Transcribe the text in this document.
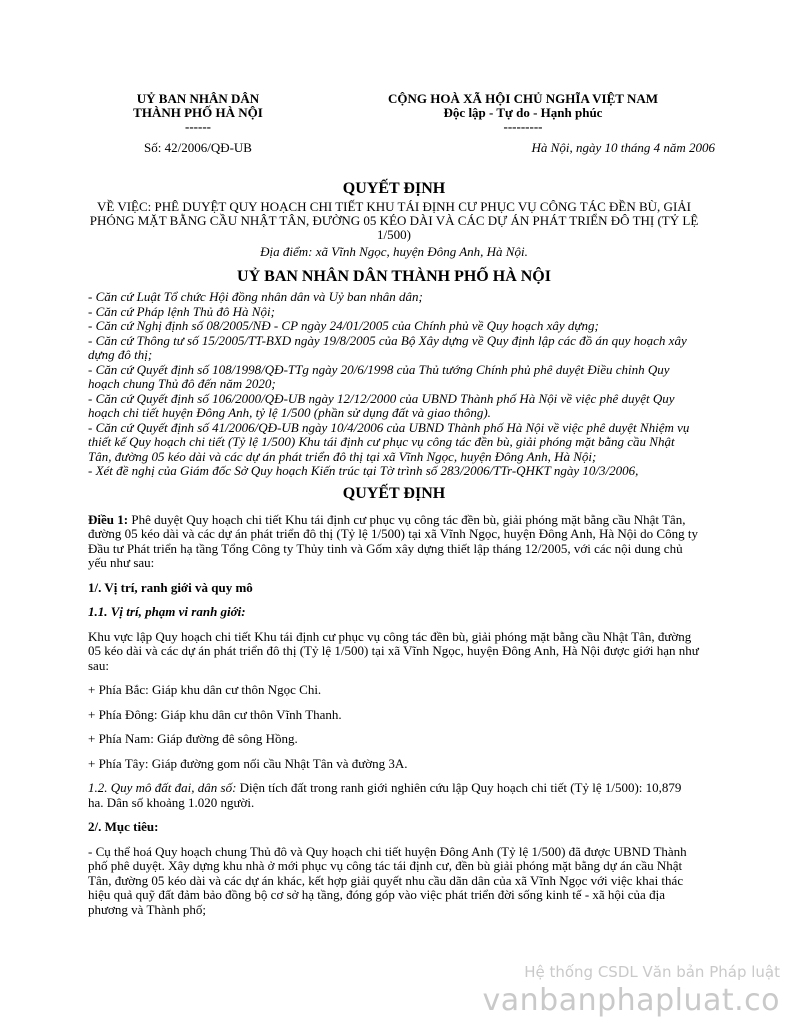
UỶ BAN NHÂN DÂN
THÀNH PHỐ HÀ NỘI
------
CỘNG HOÀ XÃ HỘI CHỦ NGHĨA VIỆT NAM
Độc lập - Tự do - Hạnh phúc
---------
Số: 42/2006/QĐ-UB	Hà Nội, ngày 10 tháng 4 năm 2006
QUYẾT ĐỊNH
VỀ VIỆC: PHÊ DUYỆT QUY HOẠCH CHI TIẾT KHU TÁI ĐỊNH CƯ PHỤC VỤ CÔNG TÁC ĐỀN BÙ, GIẢI PHÓNG MẶT BẰNG CẦU NHẬT TÂN, ĐƯỜNG 05 KÉO DÀI VÀ CÁC DỰ ÁN PHÁT TRIỂN ĐÔ THỊ (TỶ LỆ 1/500)
Địa điểm: xã Vĩnh Ngọc, huyện Đông Anh, Hà Nội.
UỶ BAN NHÂN DÂN THÀNH PHỐ HÀ NỘI
- Căn cứ Luật Tổ chức Hội đồng nhân dân và Uỷ ban nhân dân;
- Căn cứ Pháp lệnh Thủ đô Hà Nội;
- Căn cứ Nghị định số 08/2005/NĐ - CP ngày 24/01/2005 của Chính phủ về Quy hoạch xây dựng;
- Căn cứ Thông tư số 15/2005/TT-BXD ngày 19/8/2005 của Bộ Xây dựng về Quy định lập các đồ án quy hoạch xây dựng đô thị;
- Căn cứ Quyết định số 108/1998/QĐ-TTg ngày 20/6/1998 của Thủ tướng Chính phủ phê duyệt Điều chỉnh Quy hoạch chung Thủ đô đến năm 2020;
- Căn cứ Quyết định số 106/2000/QĐ-UB ngày 12/12/2000 của UBND Thành phố Hà Nội về việc phê duyệt Quy hoạch chi tiết huyện Đông Anh, tỷ lệ 1/500 (phần sử dụng đất và giao thông).
- Căn cứ Quyết định số 41/2006/QĐ-UB ngày 10/4/2006 của UBND Thành phố Hà Nội về việc phê duyệt Nhiệm vụ thiết kế Quy hoạch chi tiết (Tỷ lệ 1/500) Khu tái định cư phục vụ công tác đền bù, giải phóng mặt bằng cầu Nhật Tân, đường 05 kéo dài và các dự án phát triển đô thị tại xã Vĩnh Ngọc, huyện Đông Anh, Hà Nội;
- Xét đề nghị của Giám đốc Sở Quy hoạch Kiến trúc tại Tờ trình số 283/2006/TTr-QHKT ngày 10/3/2006,
QUYẾT ĐỊNH
Điều 1: Phê duyệt Quy hoạch chi tiết Khu tái định cư phục vụ công tác đền bù, giải phóng mặt bằng cầu Nhật Tân, đường 05 kéo dài và các dự án phát triển đô thị (Tỷ lệ 1/500) tại xã Vĩnh Ngọc, huyện Đông Anh, Hà Nội do Công ty Đầu tư Phát triển hạ tầng Tổng Công ty Thủy tinh và Gốm xây dựng thiết lập tháng 12/2005, với các nội dung chủ yếu như sau:
1/. Vị trí, ranh giới và quy mô
1.1. Vị trí, phạm vi ranh giới:
Khu vực lập Quy hoạch chi tiết Khu tái định cư phục vụ công tác đền bù, giải phóng mặt bằng cầu Nhật Tân, đường 05 kéo dài và các dự án phát triển đô thị (Tỷ lệ 1/500) tại xã Vĩnh Ngọc, huyện Đông Anh, Hà Nội được giới hạn như sau:
+ Phía Bắc: Giáp khu dân cư thôn Ngọc Chi.
+ Phía Đông: Giáp khu dân cư thôn Vĩnh Thanh.
+ Phía Nam: Giáp đường đê sông Hồng.
+ Phía Tây: Giáp đường gom nối cầu Nhật Tân và đường 3A.
1.2. Quy mô đất đai, dân số: Diện tích đất trong ranh giới nghiên cứu lập Quy hoạch chi tiết (Tỷ lệ 1/500): 10,879 ha. Dân số khoảng 1.020 người.
2/. Mục tiêu:
- Cụ thể hoá Quy hoạch chung Thủ đô và Quy hoạch chi tiết huyện Đông Anh (Tỷ lệ 1/500) đã được UBND Thành phố phê duyệt. Xây dựng khu nhà ở mới phục vụ công tác tái định cư, đền bù giải phóng mặt bằng dự án cầu Nhật Tân, đường 05 kéo dài và các dự án khác, kết hợp giải quyết nhu cầu dãn dân của xã Vĩnh Ngọc với việc khai thác hiệu quả quỹ đất đảm bảo đồng bộ cơ sở hạ tầng, đóng góp vào việc phát triển đời sống kinh tế - xã hội của địa phương và Thành phố;
Hệ thống CSDL Văn bản Pháp luật
vanbanphapluat.co
